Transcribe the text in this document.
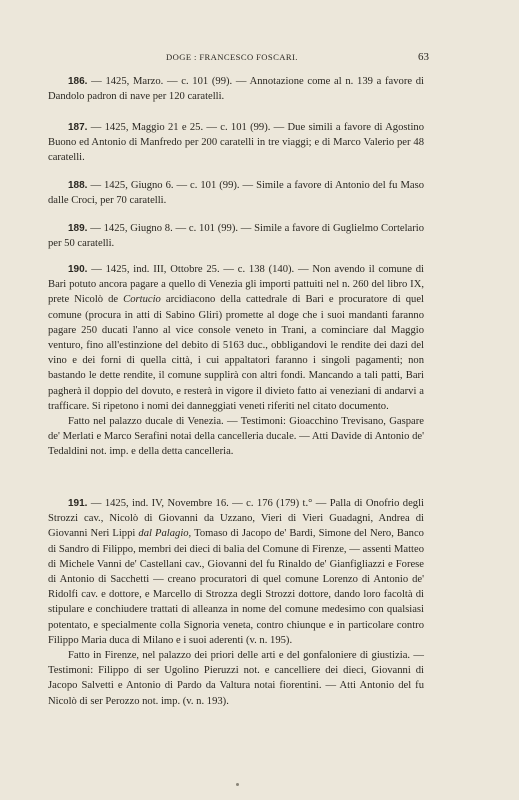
DOGE : FRANCESCO FOSCARI.	63

186. — 1425, Marzo. — c. 101 (99). — Annotazione come al n. 139 a favore di Dandolo padron di nave per 120 caratelli.

187. — 1425, Maggio 21 e 25. — c. 101 (99). — Due simili a favore di Agostino Buono ed Antonio di Manfredo per 200 caratelli in tre viaggi; e di Marco Valerio per 48 caratelli.

188. — 1425, Giugno 6. — c. 101 (99). — Simile a favore di Antonio del fu Maso dalle Croci, per 70 caratelli.

189. — 1425, Giugno 8. — c. 101 (99). — Simile a favore di Guglielmo Cortelario per 50 caratelli.

190. — 1425, ind. III, Ottobre 25. — c. 138 (140). — Non avendo il comune di Bari potuto ancora pagare a quello di Venezia gli importi pattuiti nel n. 260 del libro IX, prete Nicolò de Cortucio arcidiacono della cattedrale di Bari e procuratore di quel comune (procura in atti di Sabino Gliri) promette al doge che i suoi mandanti faranno pagare 250 ducati l'anno al vice console veneto in Trani, a cominciare dal Maggio venturo, fino all'estinzione del debito di 5163 duc., obbligandovi le rendite dei dazi del vino e dei forni di quella città, i cui appaltatori faranno i singoli pagamenti; non bastando le dette rendite, il comune supplirà con altri fondi. Mancando a tali patti, Bari pagherà il doppio del dovuto, e resterà in vigore il divieto fatto ai veneziani di andarvi a trafficare. Si ripetono i nomi dei danneggiati veneti riferiti nel citato documento.

Fatto nel palazzo ducale di Venezia. — Testimoni: Gioacchino Trevisano, Gaspare de' Merlati e Marco Serafini notai della cancelleria ducale. — Atti Davide di Antonio de' Tedaldini not. imp. e della detta cancelleria.

191. — 1425, ind. IV, Novembre 16. — c. 176 (179) t.° — Palla di Onofrio degli Strozzi cav., Nicolò di Giovanni da Uzzano, Vieri di Vieri Guadagni, Andrea di Giovanni Neri Lippi dal Palagio, Tomaso di Jacopo de' Bardi, Simone del Nero, Banco di Sandro di Filippo, membri dei dieci di balia del Comune di Firenze, — assenti Matteo di Michele Vanni de' Castellani cav., Giovanni del fu Rinaldo de' Gianfigliazzi e Forese di Antonio di Sacchetti — creano procuratori di quel comune Lorenzo di Antonio de' Ridolfi cav. e dottore, e Marcello di Strozza degli Strozzi dottore, dando loro facoltà di stipulare e conchiudere trattati di alleanza in nome del comune medesimo con qualsiasi potentato, e specialmente colla Signoria veneta, contro chiunque e in particolare contro Filippo Maria duca di Milano e i suoi aderenti (v. n. 195).

Fatto in Firenze, nel palazzo dei priori delle arti e del gonfaloniere di giustizia. — Testimoni: Filippo di ser Ugolino Pieruzzi not. e cancelliere dei dieci, Giovanni di Jacopo Salvetti e Antonio di Pardo da Valtura notai fiorentini. — Atti Antonio del fu Nicolò di ser Perozzo not. imp. (v. n. 193).
